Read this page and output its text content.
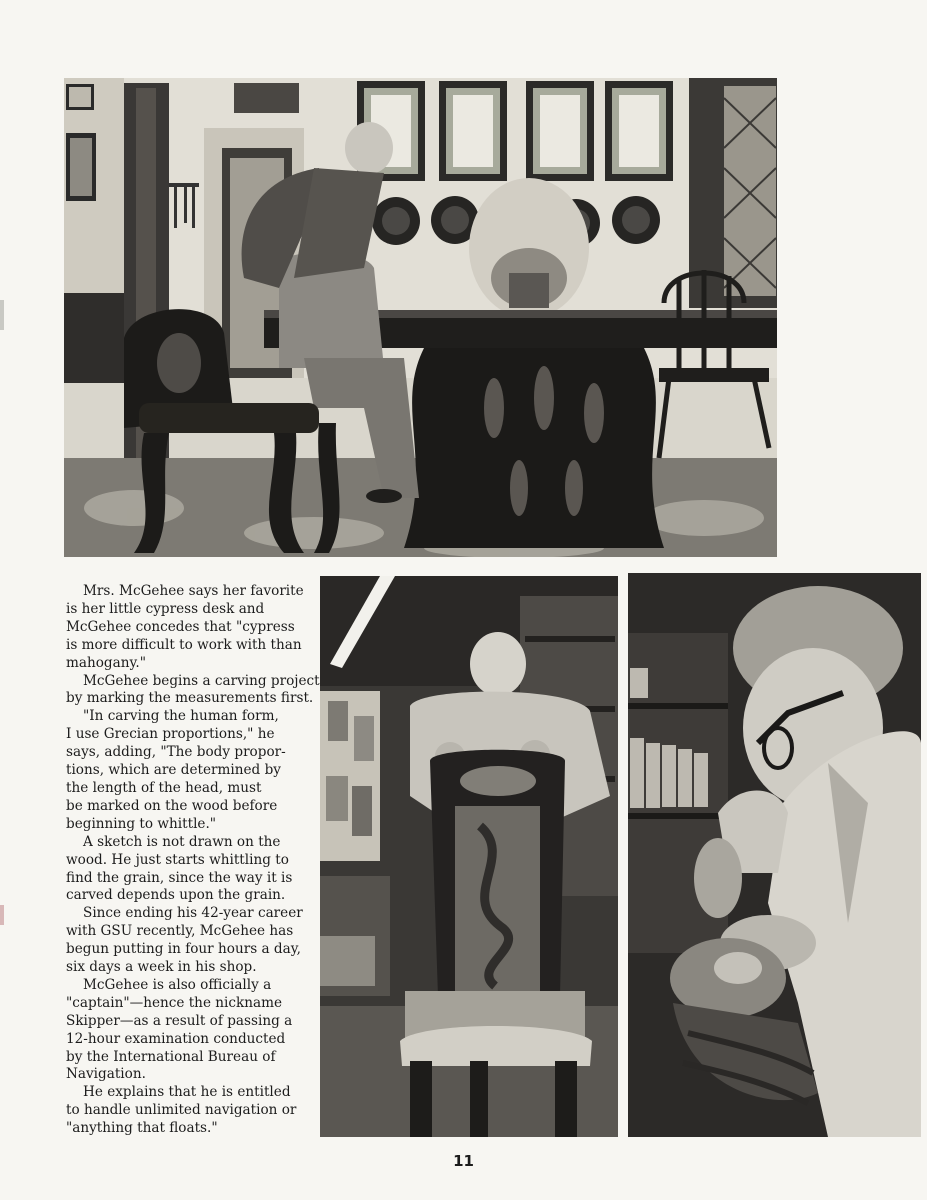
Mrs. McGehee says her favorite
is her little cypress desk and
McGehee concedes that "cypress
is more difficult to work with than
mahogany."

McGehee begins a carving project
by marking the measurements first.

"In carving the human form,
I use Grecian proportions," he
says, adding, "The body propor-
tions, which are determined by
the length of the head, must
be marked on the wood before
beginning to whittle."

A sketch is not drawn on the
wood. He just starts whittling to
find the grain, since the way it is
carved depends upon the grain.

Since ending his 42-year career
with GSU recently, McGehee has
begun putting in four hours a day,
six days a week in his shop.

McGehee is also officially a
"captain"—hence the nickname
Skipper—as a result of passing a
12-hour examination conducted
by the International Bureau of
Navigation.

He explains that he is entitled
to handle unlimited navigation or
"anything that floats."

11
